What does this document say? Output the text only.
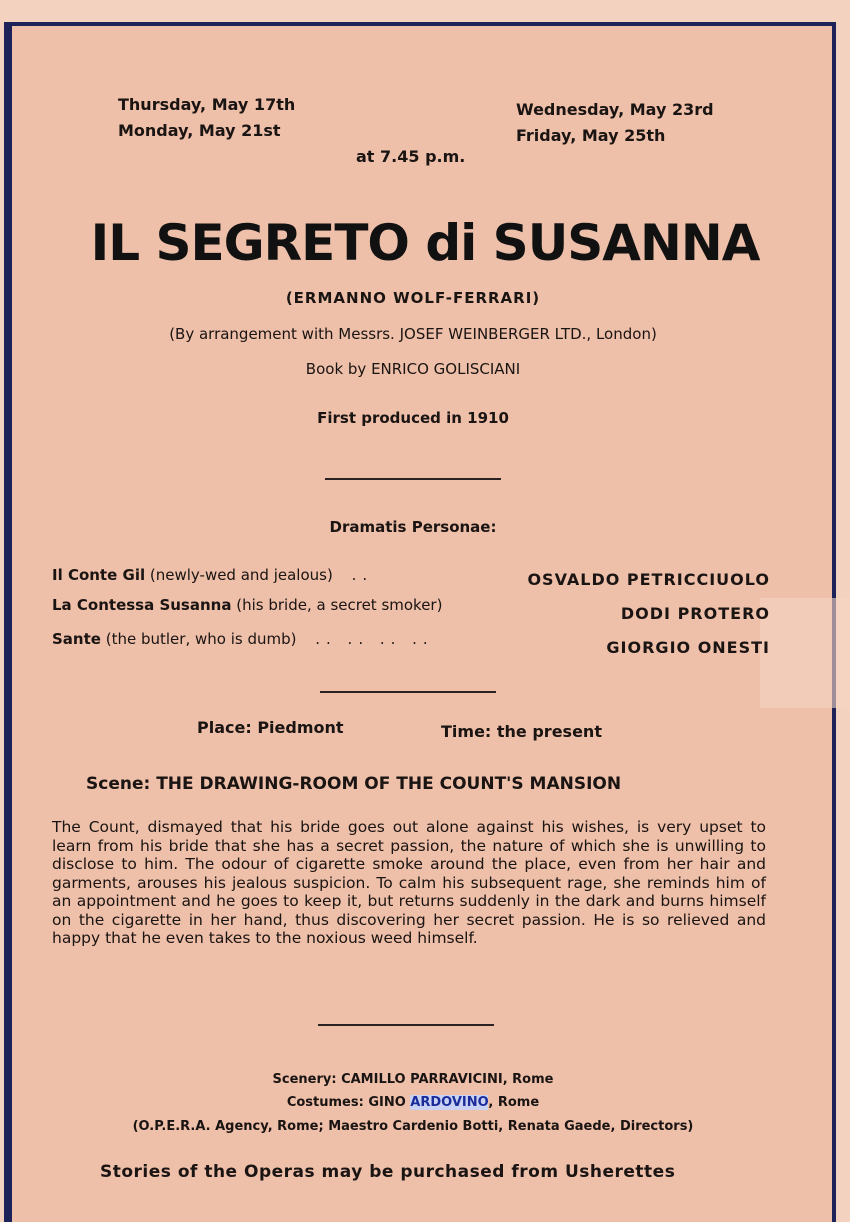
Thursday, May 17th
Monday, May 21st
Wednesday, May 23rd
Friday, May 25th
at 7.45 p.m.
IL SEGRETO di SUSANNA
(ERMANNO WOLF-FERRARI)
(By arrangement with Messrs. JOSEF WEINBERGER LTD., London)
Book by ENRICO GOLISCIANI
First produced in 1910
Dramatis Personae:
Il Conte Gil (newly-wed and jealous) ..	OSVALDO PETRICCIUOLO
La Contessa Susanna (his bride, a secret smoker)	DODI PROTERO
Sante (the butler, who is dumb) .. .. .. ..	GIORGIO ONESTI
Place: Piedmont	Time: the present
Scene: THE DRAWING-ROOM OF THE COUNT'S MANSION
The Count, dismayed that his bride goes out alone against his wishes, is very upset to learn from his bride that she has a secret passion, the nature of which she is unwilling to disclose to him. The odour of cigarette smoke around the place, even from her hair and garments, arouses his jealous suspicion. To calm his subsequent rage, she reminds him of an appointment and he goes to keep it, but returns suddenly in the dark and burns himself on the cigarette in her hand, thus discovering her secret passion. He is so relieved and happy that he even takes to the noxious weed himself.
Scenery: CAMILLO PARRAVICINI, Rome
Costumes: GINO ARDOVINO, Rome
(O.P.E.R.A. Agency, Rome; Maestro Cardenio Botti, Renata Gaede, Directors)
Stories of the Operas may be purchased from Usherettes
